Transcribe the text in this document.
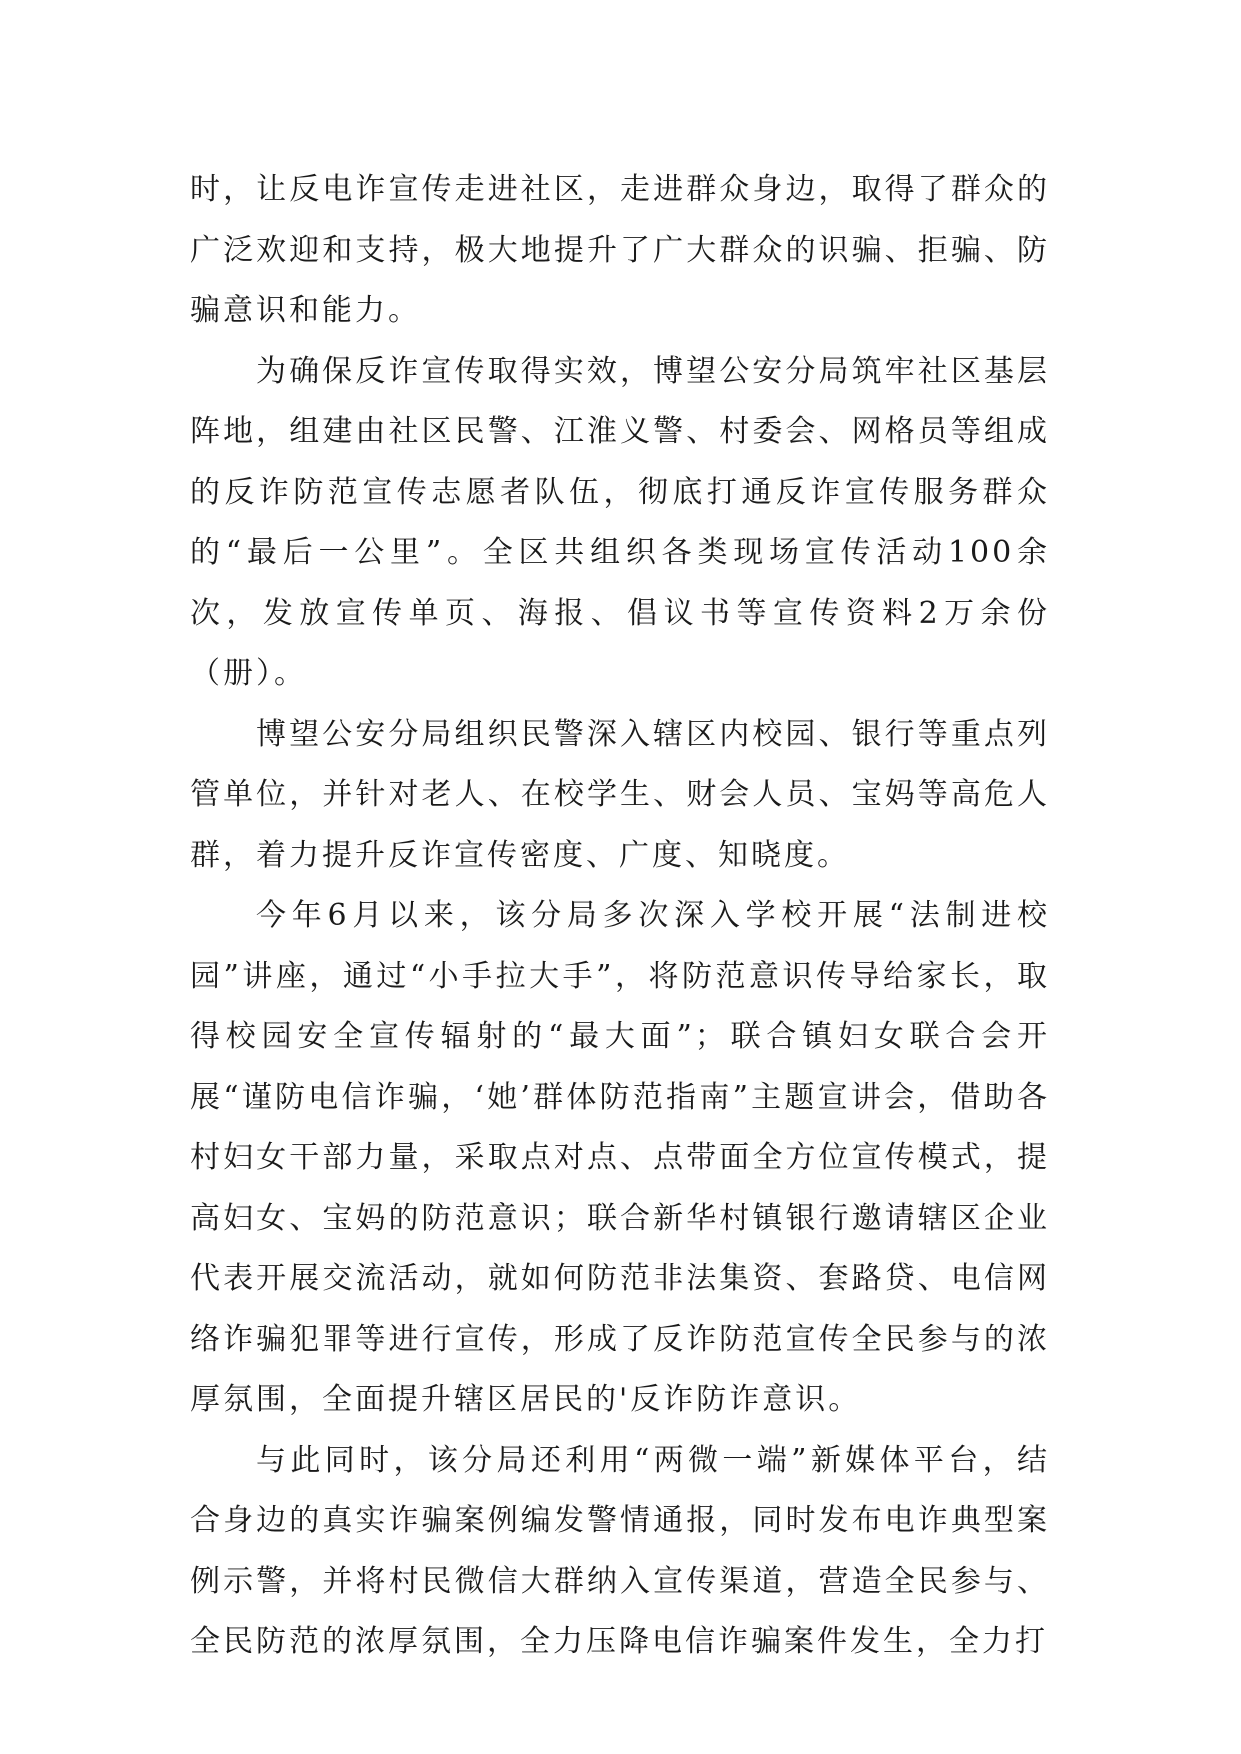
时，让反电诈宣传走进社区，走进群众身边，取得了群众的广泛欢迎和支持，极大地提升了广大群众的识骗、拒骗、防骗意识和能力。

为确保反诈宣传取得实效，博望公安分局筑牢社区基层阵地，组建由社区民警、江淮义警、村委会、网格员等组成的反诈防范宣传志愿者队伍，彻底打通反诈宣传服务群众的“最后一公里”。全区共组织各类现场宣传活动100余次，发放宣传单页、海报、倡议书等宣传资料2万余份（册）。

博望公安分局组织民警深入辖区内校园、银行等重点列管单位，并针对老人、在校学生、财会人员、宝妈等高危人群，着力提升反诈宣传密度、广度、知晓度。

今年6月以来，该分局多次深入学校开展“法制进校园”讲座，通过“小手拉大手”，将防范意识传导给家长，取得校园安全宣传辐射的“最大面”；联合镇妇女联合会开展“谨防电信诈骗，‘她’群体防范指南”主题宣讲会，借助各村妇女干部力量，采取点对点、点带面全方位宣传模式，提高妇女、宝妈的防范意识；联合新华村镇银行邀请辖区企业代表开展交流活动，就如何防范非法集资、套路贷、电信网络诈骗犯罪等进行宣传，形成了反诈防范宣传全民参与的浓厚氛围，全面提升辖区居民的'反诈防诈意识。

与此同时，该分局还利用“两微一端”新媒体平台，结合身边的真实诈骗案例编发警情通报，同时发布电诈典型案例示警，并将村民微信大群纳入宣传渠道，营造全民参与、全民防范的浓厚氛围，全力压降电信诈骗案件发生，全力打
